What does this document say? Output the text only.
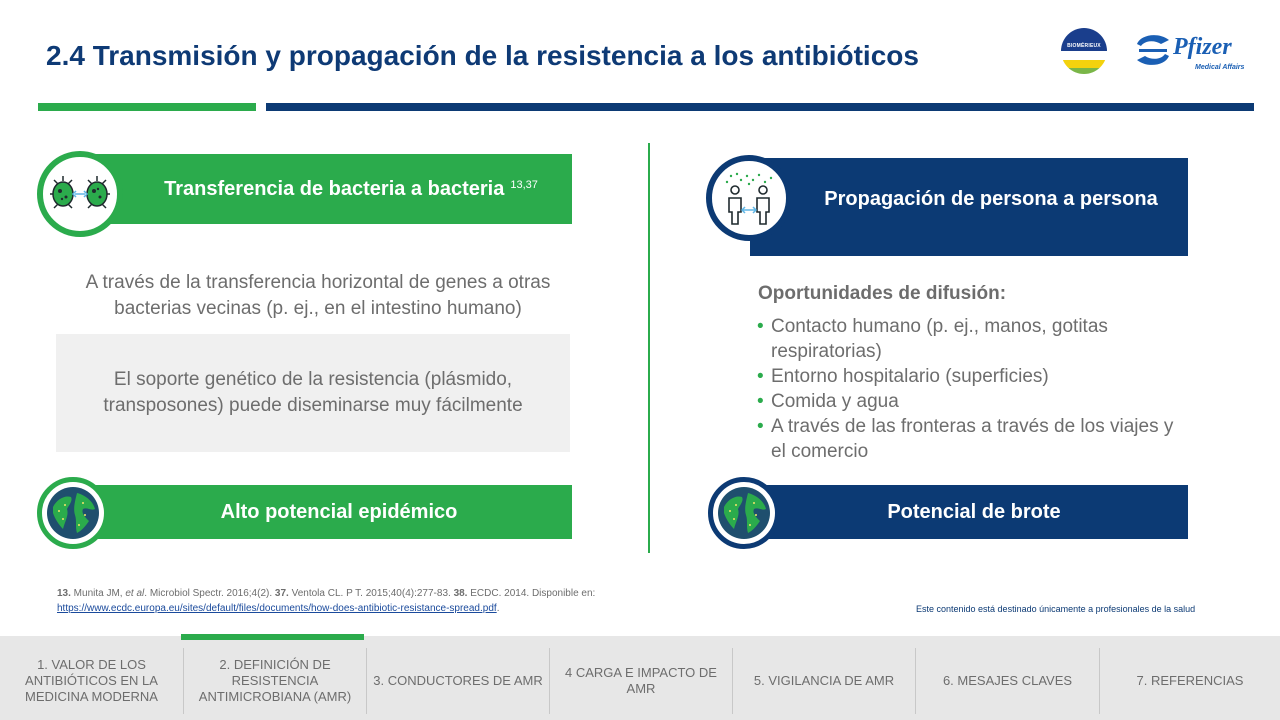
2.4 Transmisión y propagación de la resistencia a los antibióticos	BIOMÉRIEUX	Pfizer
Medical Affairs
Transferencia de bacteria a bacteria $^{13,37}$
A través de la transferencia horizontal de genes a otras bacterias vecinas (p. ej., en el intestino humano)
El soporte genético de la resistencia (plásmido, transposones) puede diseminarse muy fácilmente
Alto potencial epidémico
Propagación de persona a persona
Oportunidades de difusión:
• Contacto humano (p. ej., manos, gotitas respiratorias)
• Entorno hospitalario (superficies)
• Comida y agua
• A través de las fronteras a través de los viajes y el comercio
Potencial de brote
13. Munita JM, et al. Microbiol Spectr. 2016;4(2). 37. Ventola CL. P T. 2015;40(4):277-83. 38. ECDC. 2014. Disponible en:
https://www.ecdc.europa.eu/sites/default/files/documents/how-does-antibiotic-resistance-spread.pdf.	Este contenido está destinado únicamente a profesionales de la salud
1. VALOR DE LOS ANTIBIÓTICOS EN LA MEDICINA MODERNA
2. DEFINICIÓN DE RESISTENCIA ANTIMICROBIANA (AMR)
3. CONDUCTORES DE AMR
4 CARGA E IMPACTO DE AMR
5. VIGILANCIA DE AMR	6. MESAJES CLAVES	7. REFERENCIAS
